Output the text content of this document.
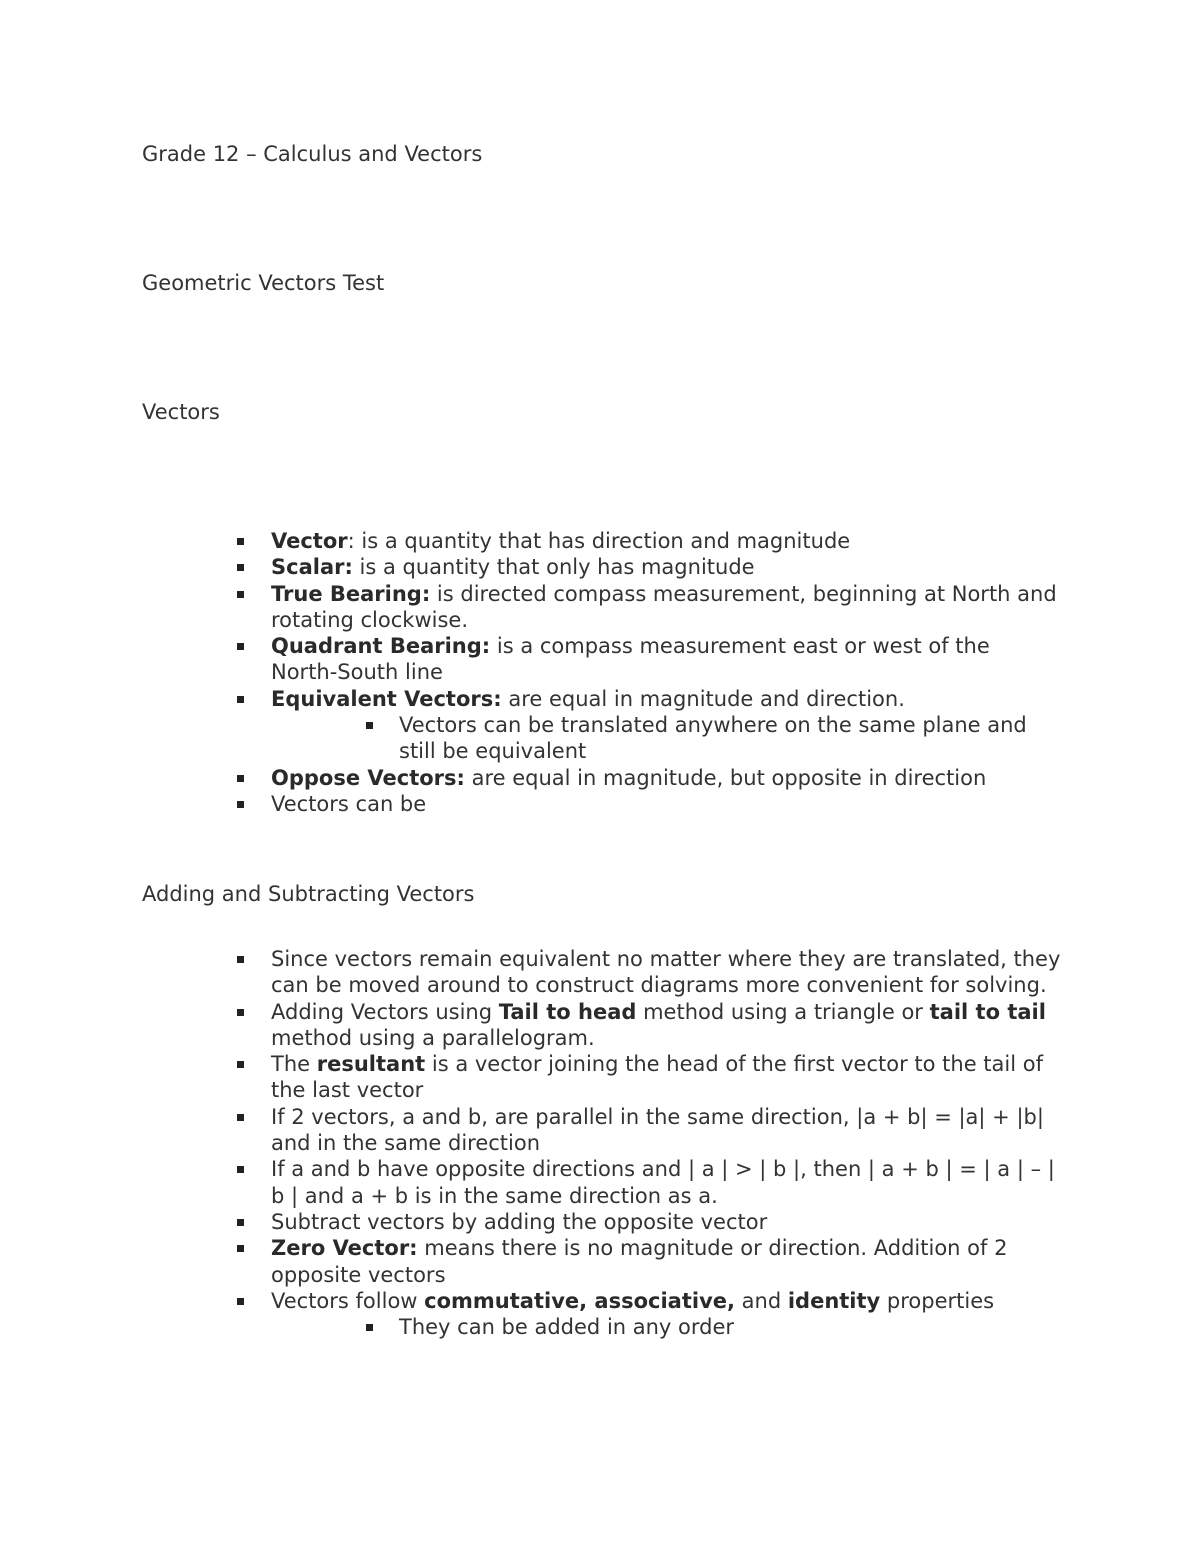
Grade 12 – Calculus and Vectors
Geometric Vectors Test
Vectors
Vector: is a quantity that has direction and magnitude
Scalar: is a quantity that only has magnitude
True Bearing: is directed compass measurement, beginning at North and rotating clockwise.
Quadrant Bearing: is a compass measurement east or west of the North-South line
Equivalent Vectors: are equal in magnitude and direction.
Vectors can be translated anywhere on the same plane and still be equivalent
Oppose Vectors: are equal in magnitude, but opposite in direction
Vectors can be
Adding and Subtracting Vectors
Since vectors remain equivalent no matter where they are translated, they can be moved around to construct diagrams more convenient for solving.
Adding Vectors using Tail to head method using a triangle or tail to tail method using a parallelogram.
The resultant is a vector joining the head of the first vector to the tail of the last vector
If 2 vectors, a and b, are parallel in the same direction, |a + b| = |a| + |b| and in the same direction
If a and b have opposite directions and | a | > | b |, then | a + b | = | a | – | b | and a + b is in the same direction as a.
Subtract vectors by adding the opposite vector
Zero Vector: means there is no magnitude or direction. Addition of 2 opposite vectors
Vectors follow commutative, associative, and identity properties
They can be added in any order
